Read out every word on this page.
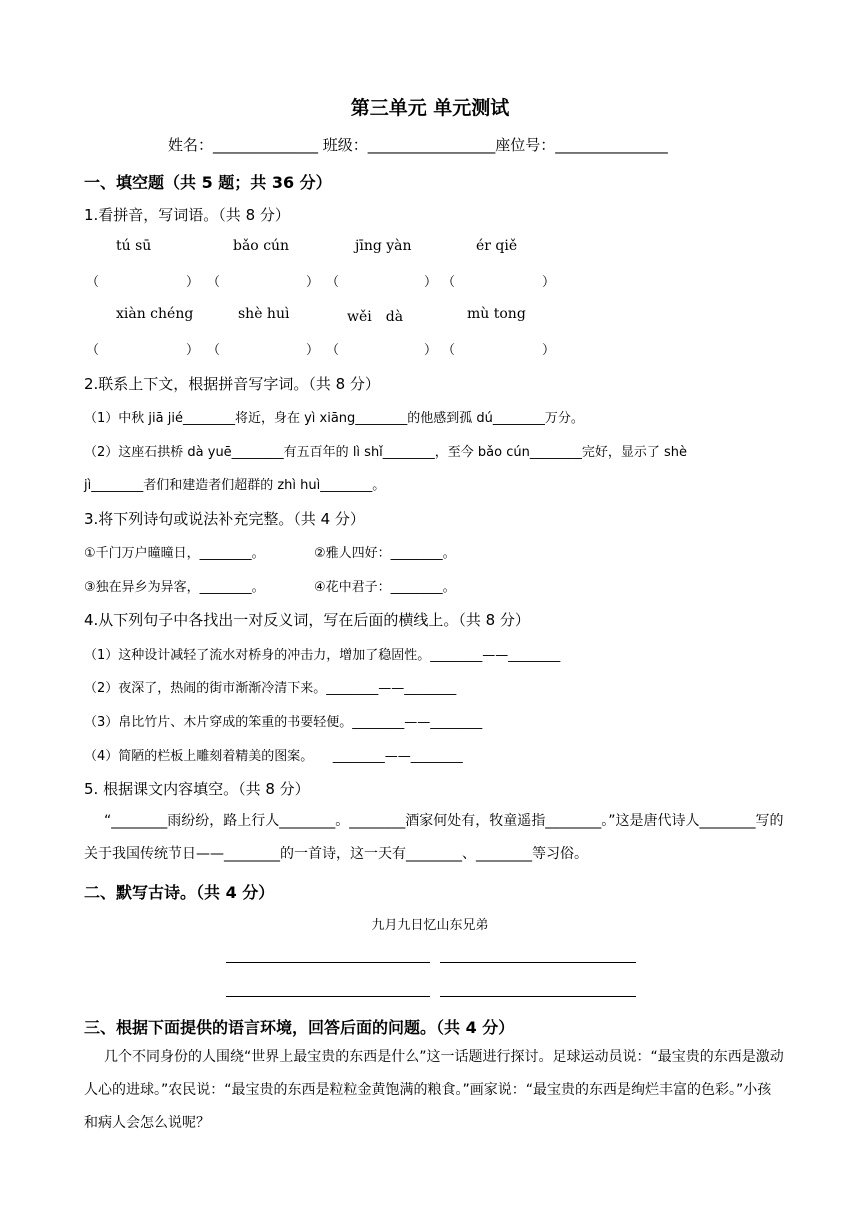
第三单元 单元测试
姓名：______________ 班级：_________________座位号：_______________
一、填空题（共 5 题；共 36 分）
1.看拼音，写词语。（共 8 分）
tú sū	bǎo cún	jīng yàn	ér qiě
（	） （	） （	） （	）
xiàn chéng	shè huì	wěi　dà	mù tong
（	） （	） （	） （	）
2.联系上下文，根据拼音写字词。（共 8 分）
（1）中秋 jiā jié________将近，身在 yì xiāng________的他感到孤 dú________万分。
（2）这座石拱桥 dà yuē________有五百年的 lì shǐ________，至今 bǎo cún________完好，显示了 shè
jì________者们和建造者们超群的 zhì huì________。
3.将下列诗句或说法补充完整。（共 4 分）
①千门万户曈曈日，________。	②雅人四好：________。
③独在异乡为异客，________。	④花中君子：________。
4.从下列句子中各找出一对反义词，写在后面的横线上。（共 8 分）
（1）这种设计减轻了流水对桥身的冲击力，增加了稳固性。________——________
（2）夜深了，热闹的街市渐渐冷清下来。________——________
（3）帛比竹片、木片穿成的笨重的书要轻便。________——________
（4）简陋的栏板上雕刻着精美的图案。　　________——________
5. 根据课文内容填空。（共 8 分）
“________雨纷纷，路上行人________。________酒家何处有，牧童遥指________。”这是唐代诗人________写的关于我国传统节日——________的一首诗，这一天有________、________等习俗。
二、默写古诗。（共 4 分）
九月九日忆山东兄弟
三、根据下面提供的语言环境，回答后面的问题。（共 4 分）
几个不同身份的人围绕“世界上最宝贵的东西是什么”这一话题进行探讨。足球运动员说：“最宝贵的东西是激动人心的进球。”农民说：“最宝贵的东西是粒粒金黄饱满的粮食。”画家说：“最宝贵的东西是绚烂丰富的色彩。”小孩和病人会怎么说呢？
